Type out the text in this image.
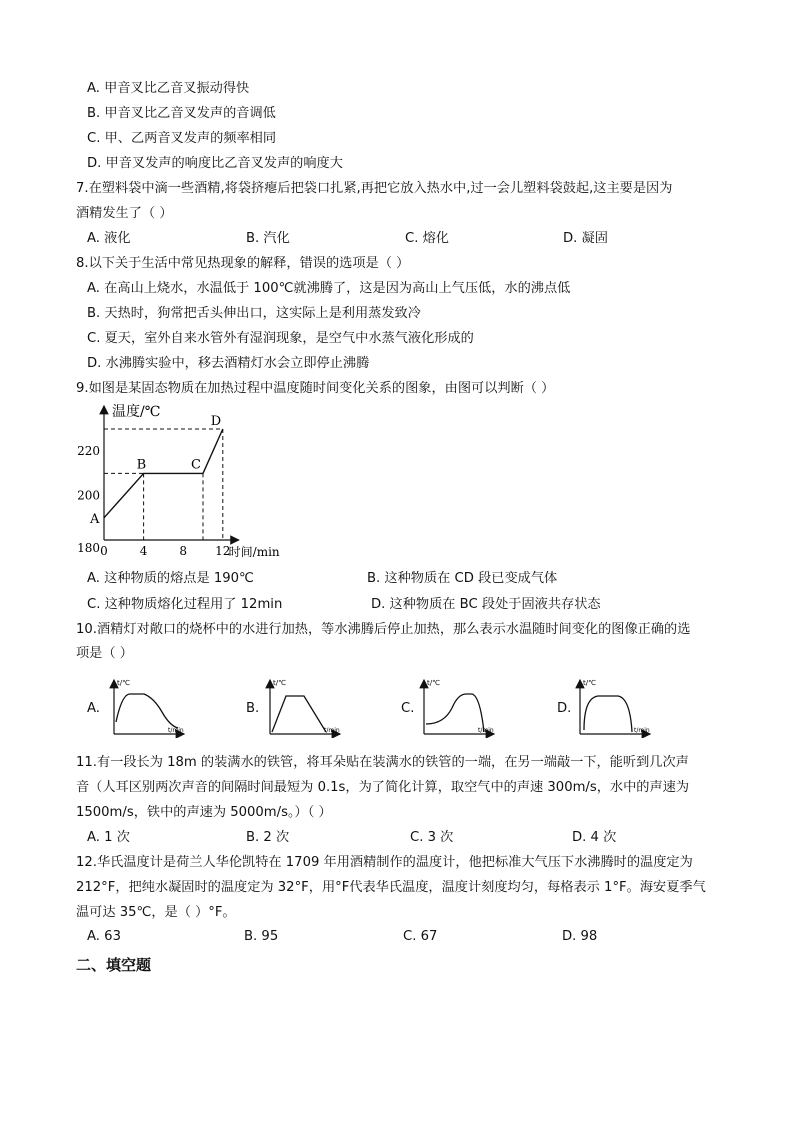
A. 甲音叉比乙音叉振动得快
B. 甲音叉比乙音叉发声的音调低
C. 甲、乙两音叉发声的频率相同
D. 甲音叉发声的响度比乙音叉发声的响度大
7.在塑料袋中滴一些酒精,将袋挤瘪后把袋口扎紧,再把它放入热水中,过一会儿塑料袋鼓起,这主要是因为
酒精发生了（ ）
A. 液化	B. 汽化	C. 熔化	D. 凝固
8.以下关于生活中常见热现象的解释，错误的选项是（ ）
A. 在高山上烧水，水温低于 100℃就沸腾了，这是因为高山上气压低，水的沸点低
B. 天热时，狗常把舌头伸出口，这实际上是利用蒸发致冷
C. 夏天，室外自来水管外有湿润现象，是空气中水蒸气液化形成的
D. 水沸腾实验中，移去酒精灯水会立即停止沸腾
9.如图是某固态物质在加热过程中温度随时间变化关系的图象，由图可以判断（ ）
温度/℃
时间/min
180
200
220
0	4	8 12
A
B	C
D
A. 这种物质的熔点是 190℃	B. 这种物质在 CD 段已变成气体
C. 这种物质熔化过程用了 12min	D. 这种物质在 BC 段处于固液共存状态
10.酒精灯对敞口的烧杯中的水进行加热，等水沸腾后停止加热，那么表示水温随时间变化的图像正确的选
项是（ ）
A.
t/℃
t/min
B.
t/℃
t/min
C.
t/℃
t/min
D.
t/℃
t/min
11.有一段长为 18m 的装满水的铁管，将耳朵贴在装满水的铁管的一端，在另一端敲一下，能听到几次声
音（人耳区别两次声音的间隔时间最短为 0.1s，为了简化计算，取空气中的声速 300m/s，水中的声速为
1500m/s，铁中的声速为 5000m/s。）（ ）
A. 1 次	B. 2 次	C. 3 次	D. 4 次
12.华氏温度计是荷兰人华伦凯特在 1709 年用酒精制作的温度计，他把标准大气压下水沸腾时的温度定为
212°F，把纯水凝固时的温度定为 32°F，用°F代表华氏温度，温度计刻度均匀，每格表示 1°F。海安夏季气
温可达 35℃，是（ ）°F。
A. 63	B. 95	C. 67	D. 98
二、填空题
